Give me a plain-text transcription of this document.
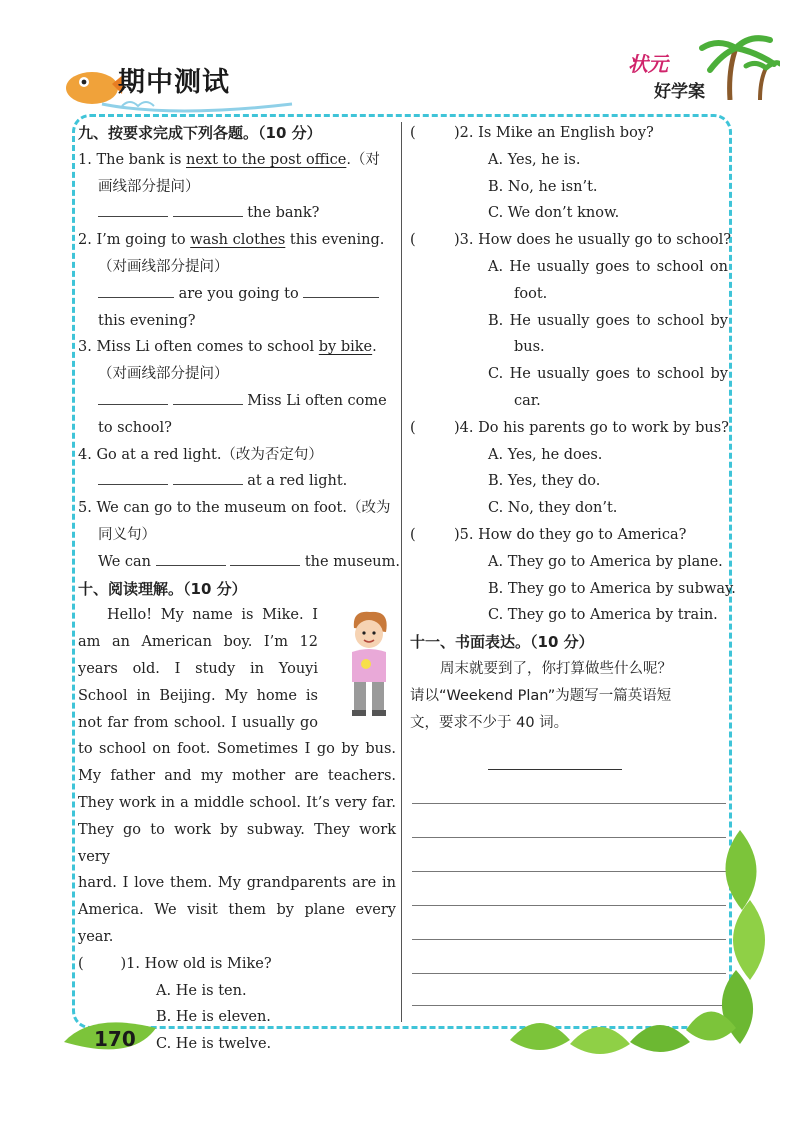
期中测试
状元
好学案
九、按要求完成下列各题。（10 分）
1. The bank is next to the post office.（对
画线部分提问）
the bank?
2. I’m going to wash clothes this evening.
（对画线部分提问）
are you going to
this evening?
3. Miss Li often comes to school by bike.
（对画线部分提问）
Miss Li often come
to school?
4. Go at a red light.（改为否定句）
at a red light.
5. We can go to the museum on foot.（改为
同义句）
We can	the museum.
十、阅读理解。（10 分）
Hello! My name is Mike. I
am an American boy. I’m 12
years old. I study in Youyi
School in Beijing. My home is
not far from school. I usually go
to school on foot. Sometimes I go by bus.
My father and my mother are teachers.
They work in a middle school. It’s very far.
They go to work by subway. They work very
hard. I love them. My grandparents are in
America. We visit them by plane every
year.
(        )1. How old is Mike?
A. He is ten.
B. He is eleven.
C. He is twelve.
(	)2. Is Mike an English boy?
A. Yes, he is.
B. No, he isn’t.
C. We don’t know.
(	)3. How does he usually go to school?
A. He usually goes to school on
foot.
B. He usually goes to school by
bus.
C. He usually goes to school by
car.
(	)4. Do his parents go to work by bus?
A. Yes, he does.
B. Yes, they do.
C. No, they don’t.
(	)5. How do they go to America?
A. They go to America by plane.
B. They go to America by subway.
C. They go to America by train.
十一、书面表达。（10 分）
周末就要到了，你打算做些什么呢？
请以“Weekend Plan”为题写一篇英语短
文，要求不少于 40 词。
170
